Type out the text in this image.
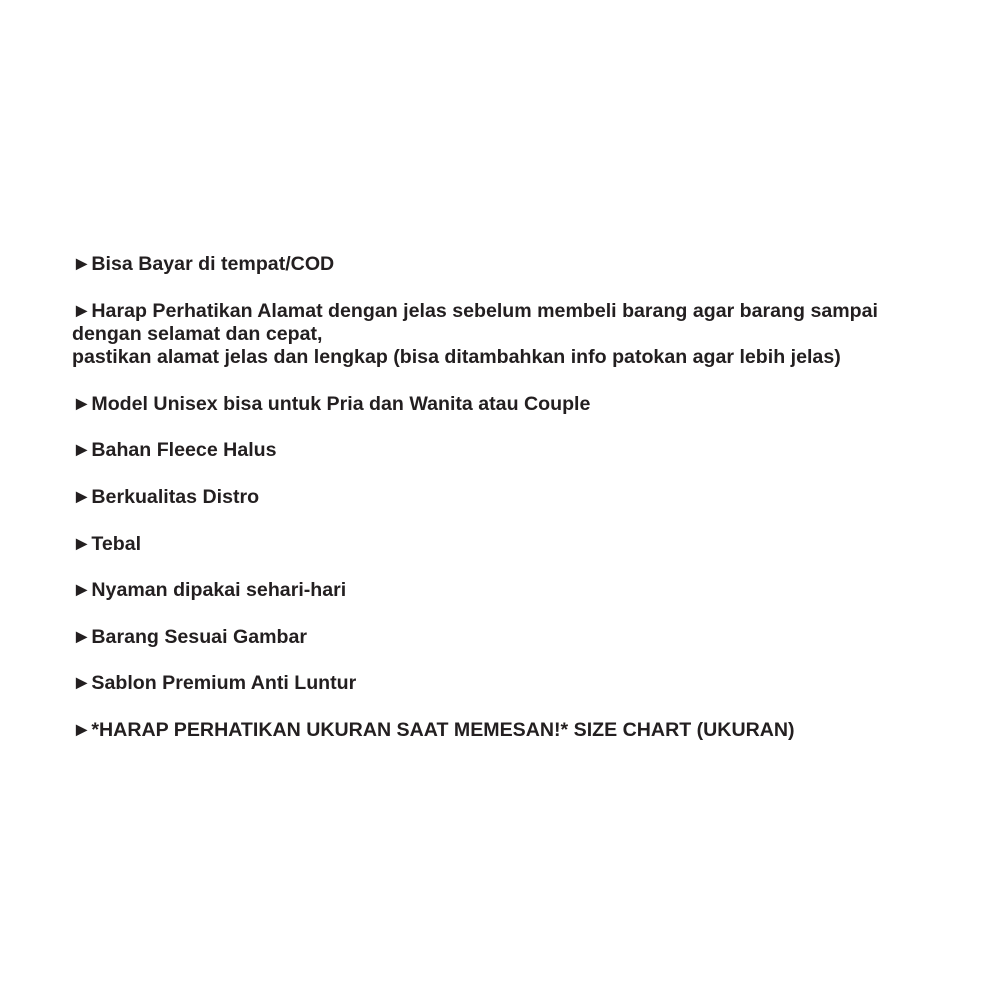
►Bisa Bayar di tempat/COD
►Harap Perhatikan Alamat dengan jelas sebelum membeli barang agar barang sampai
dengan selamat dan cepat,
pastikan alamat jelas dan lengkap (bisa ditambahkan info patokan agar lebih jelas)
►Model Unisex bisa untuk Pria dan Wanita atau Couple
►Bahan Fleece Halus
►Berkualitas Distro
►Tebal
►Nyaman dipakai sehari-hari
►Barang Sesuai Gambar
►Sablon Premium Anti Luntur
►*HARAP PERHATIKAN UKURAN SAAT MEMESAN!* SIZE CHART (UKURAN)
